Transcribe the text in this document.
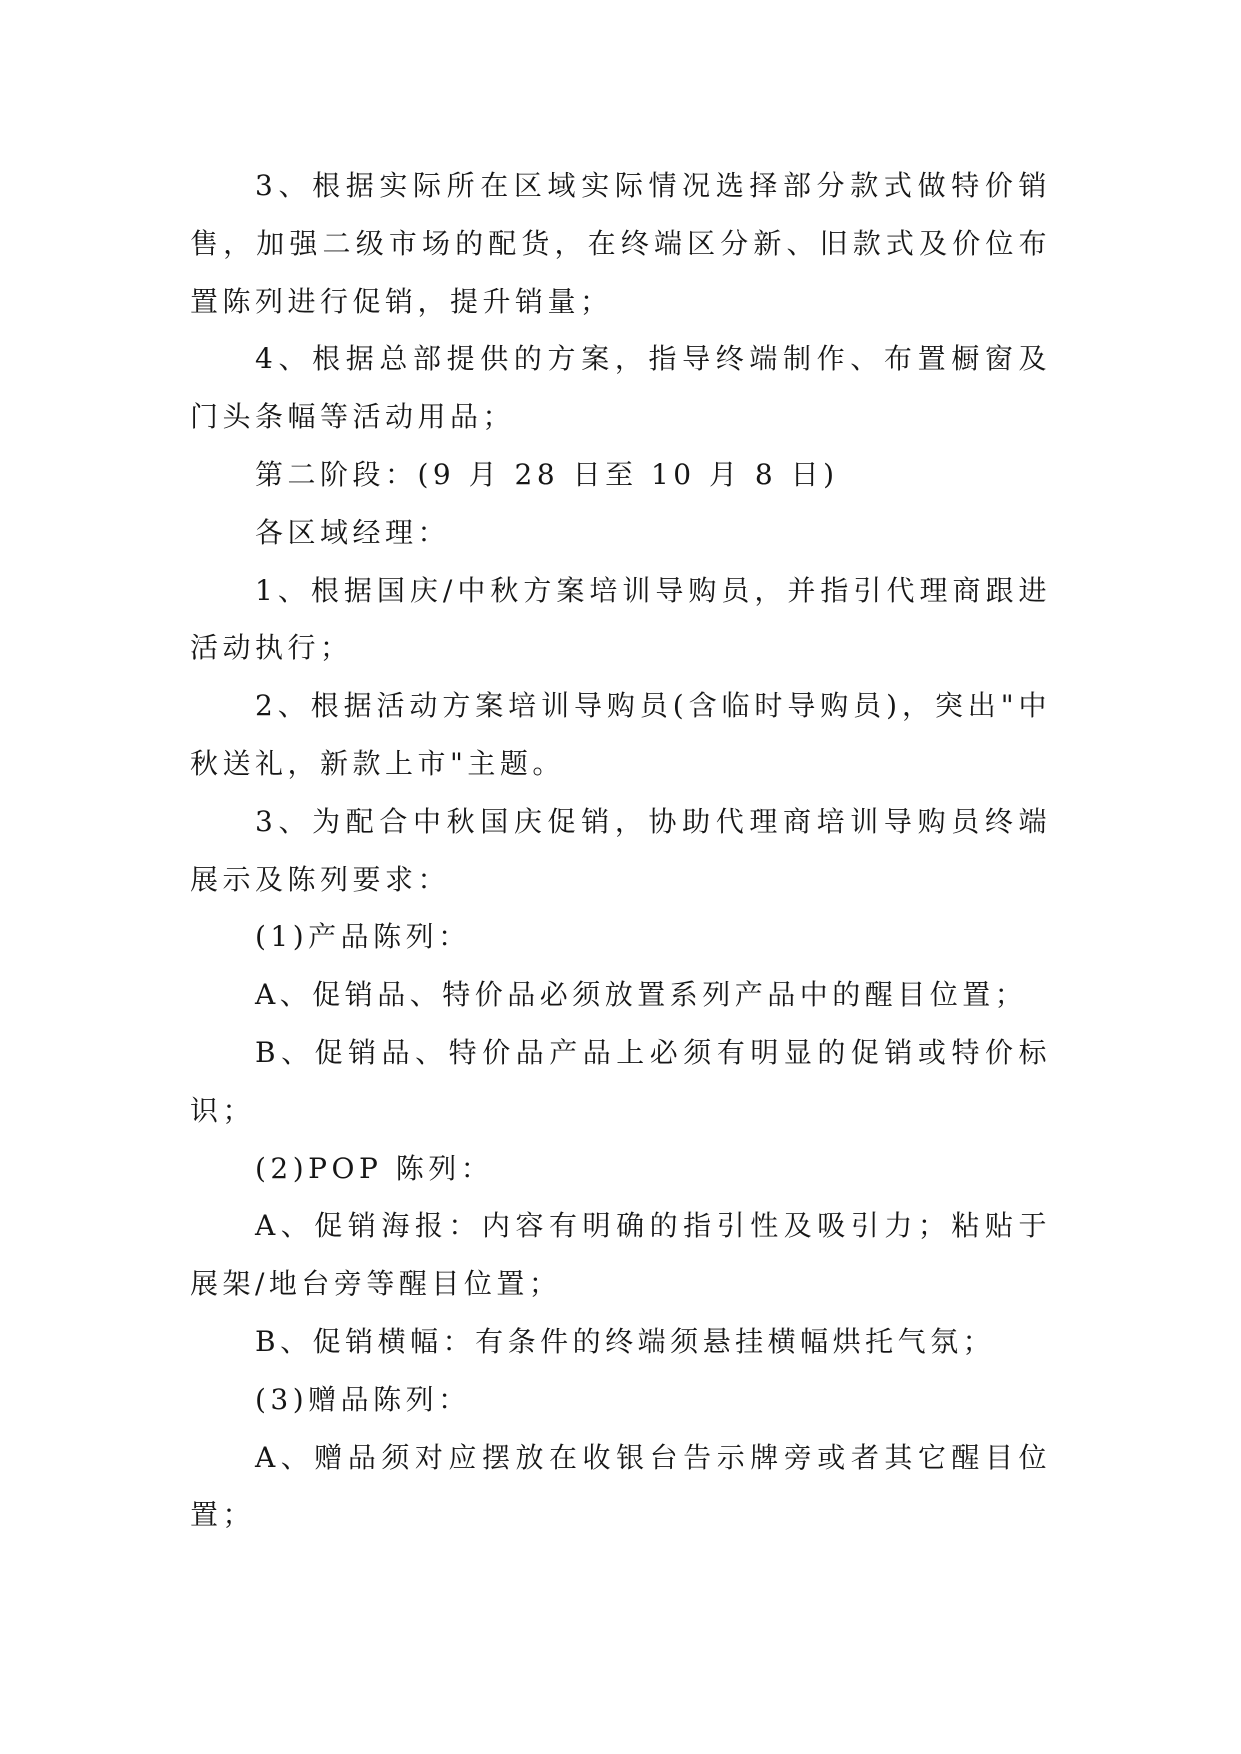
3、根据实际所在区域实际情况选择部分款式做特价销
售，加强二级市场的配货，在终端区分新、旧款式及价位布
置陈列进行促销，提升销量；
4、根据总部提供的方案，指导终端制作、布置橱窗及
门头条幅等活动用品；
第二阶段：(9 月 28 日至 10 月 8 日)
各区域经理：
1、根据国庆/中秋方案培训导购员，并指引代理商跟进
活动执行；
2、根据活动方案培训导购员(含临时导购员)，突出"中
秋送礼，新款上市"主题。
3、为配合中秋国庆促销，协助代理商培训导购员终端
展示及陈列要求：
(1)产品陈列：
A、促销品、特价品必须放置系列产品中的醒目位置；
B、促销品、特价品产品上必须有明显的促销或特价标
识；
(2)POP 陈列：
A、促销海报：内容有明确的指引性及吸引力；粘贴于
展架/地台旁等醒目位置；
B、促销横幅：有条件的终端须悬挂横幅烘托气氛；
(3)赠品陈列：
A、赠品须对应摆放在收银台告示牌旁或者其它醒目位
置；
